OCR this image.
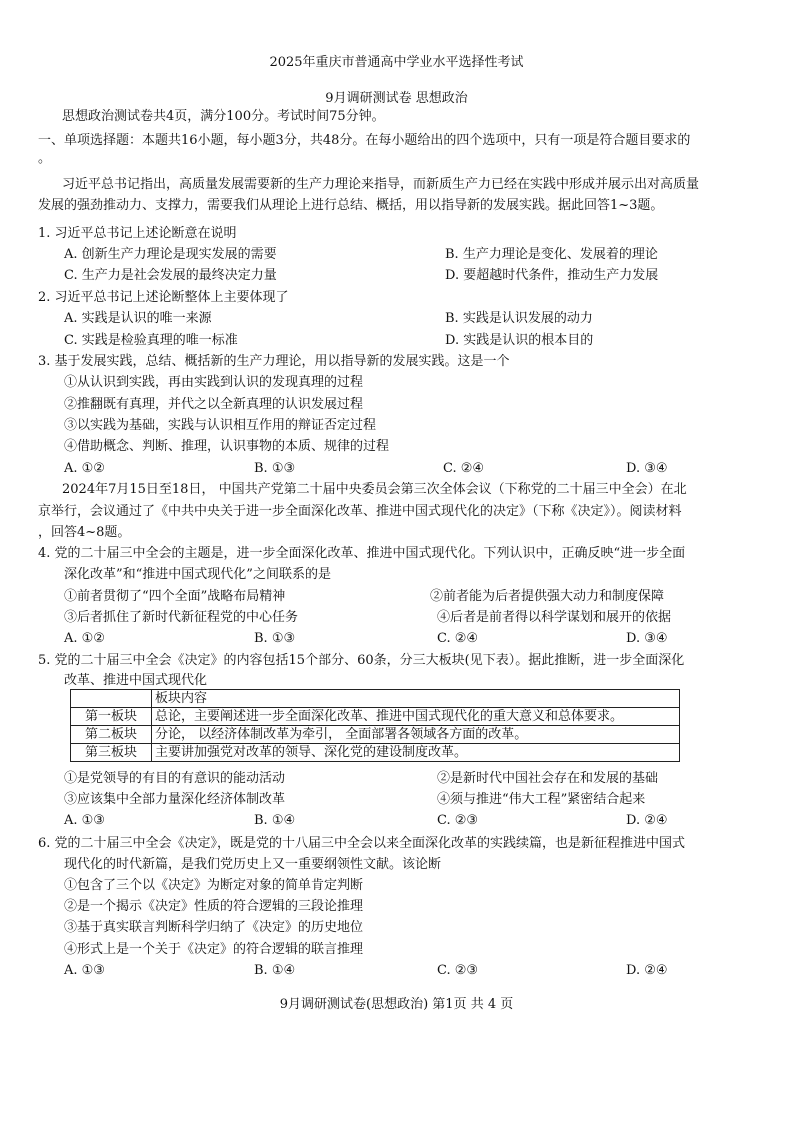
2025年重庆市普通高中学业水平选择性考试
9月调研测试卷 思想政治
思想政治测试卷共4页，满分100分。考试时间75分钟。
一、单项选择题：本题共16小题，每小题3分，共48分。在每小题给出的四个选项中，只有一项是符合题目要求的
。
习近平总书记指出，高质量发展需要新的生产力理论来指导，而新质生产力已经在实践中形成并展示出对高质量
发展的强劲推动力、支撑力，需要我们从理论上进行总结、概括，用以指导新的发展实践。据此回答1~3题。
1. 习近平总书记上述论断意在说明
A. 创新生产力理论是现实发展的需要	B. 生产力理论是变化、发展着的理论
C. 生产力是社会发展的最终决定力量	D. 要超越时代条件，推动生产力发展
2. 习近平总书记上述论断整体上主要体现了
A. 实践是认识的唯一来源	B. 实践是认识发展的动力
C. 实践是检验真理的唯一标准	D. 实践是认识的根本目的
3. 基于发展实践，总结、概括新的生产力理论，用以指导新的发展实践。这是一个
①从认识到实践，再由实践到认识的发现真理的过程
②推翻既有真理，并代之以全新真理的认识发展过程
③以实践为基础，实践与认识相互作用的辩证否定过程
④借助概念、判断、推理，认识事物的本质、规律的过程
A. ①②	B. ①③	C. ②④	D. ③④
2024年7月15日至18日， 中国共产党第二十届中央委员会第三次全体会议（下称党的二十届三中全会）在北
京举行，会议通过了《中共中央关于进一步全面深化改革、推进中国式现代化的决定》（下称《决定》）。阅读材料
，回答4~8题。
4. 党的二十届三中全会的主题是，进一步全面深化改革、推进中国式现代化。下列认识中，正确反映“进一步全面
深化改革”和“推进中国式现代化”之间联系的是
①前者贯彻了“四个全面”战略布局精神	②前者能为后者提供强大动力和制度保障
③后者抓住了新时代新征程党的中心任务	④后者是前者得以科学谋划和展开的依据
A. ①②	B. ①③	C. ②④	D. ③④
5. 党的二十届三中全会《决定》的内容包括15个部分、60条，分三大板块(见下表）。据此推断，进一步全面深化
改革、推进中国式现代化
	板块内容
第一板块	总论，主要阐述进一步全面深化改革、推进中国式现代化的重大意义和总体要求。
第二板块	分论， 以经济体制改革为牵引， 全面部署各领域各方面的改革。
第三板块	主要讲加强党对改革的领导、深化党的建设制度改革。
①是党领导的有目的有意识的能动活动	②是新时代中国社会存在和发展的基础
③应该集中全部力量深化经济体制改革	④须与推进“伟大工程”紧密结合起来
A. ①③	B. ①④	C. ②③	D. ②④
6. 党的二十届三中全会《决定》，既是党的十八届三中全会以来全面深化改革的实践续篇，也是新征程推进中国式
现代化的时代新篇，是我们党历史上又一重要纲领性文献。该论断
①包含了三个以《决定》为断定对象的简单肯定判断
②是一个揭示《决定》性质的符合逻辑的三段论推理
③基于真实联言判断科学归纳了《决定》的历史地位
④形式上是一个关于《决定》的符合逻辑的联言推理
A. ①③	B. ①④	C. ②③	D. ②④
9月调研测试卷(思想政治) 第1页 共 4 页
